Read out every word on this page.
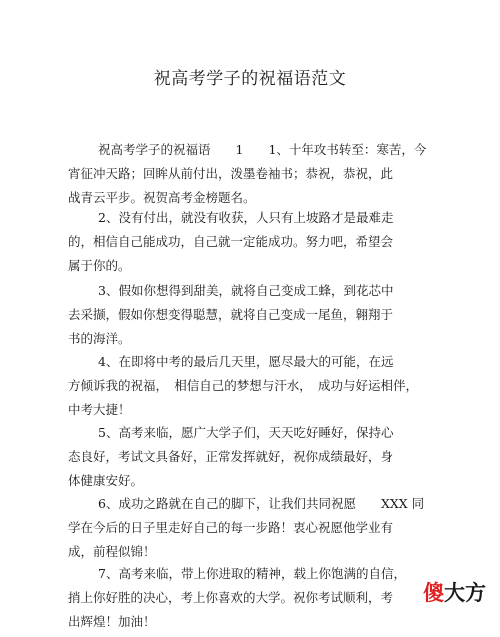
祝高考学子的祝福语范文
祝高考学子的祝福语　　1　　1、十年攻书转至：寒苦，今
宵征冲天路；回眸从前付出，泼墨卷袖书；恭祝，恭祝，此
战青云平步。祝贺高考金榜题名。
2、没有付出，就没有收获，人只有上坡路才是最难走
的，相信自己能成功，自己就一定能成功。努力吧，希望会
属于你的。
3、假如你想得到甜美，就将自己变成工蜂，到花芯中
去采撷，假如你想变得聪慧，就将自己变成一尾鱼，翱翔于
书的海洋。
4、在即将中考的最后几天里，愿尽最大的可能，在远
方倾诉我的祝福，　相信自己的梦想与汗水，　成功与好运相伴，
中考大捷！
5、高考来临，愿广大学子们，天天吃好睡好，保持心
态良好，考试文具备好，正常发挥就好，祝你成绩最好，身
体健康安好。
6、成功之路就在自己的脚下，让我们共同祝愿　　XXX 同
学在今后的日子里走好自己的每一步路！衷心祝愿他学业有
成，前程似锦！
7、高考来临，带上你进取的精神，载上你饱满的自信，
捎上你好胜的决心，考上你喜欢的大学。祝你考试顺利，考
出辉煌！加油！
傻大方
